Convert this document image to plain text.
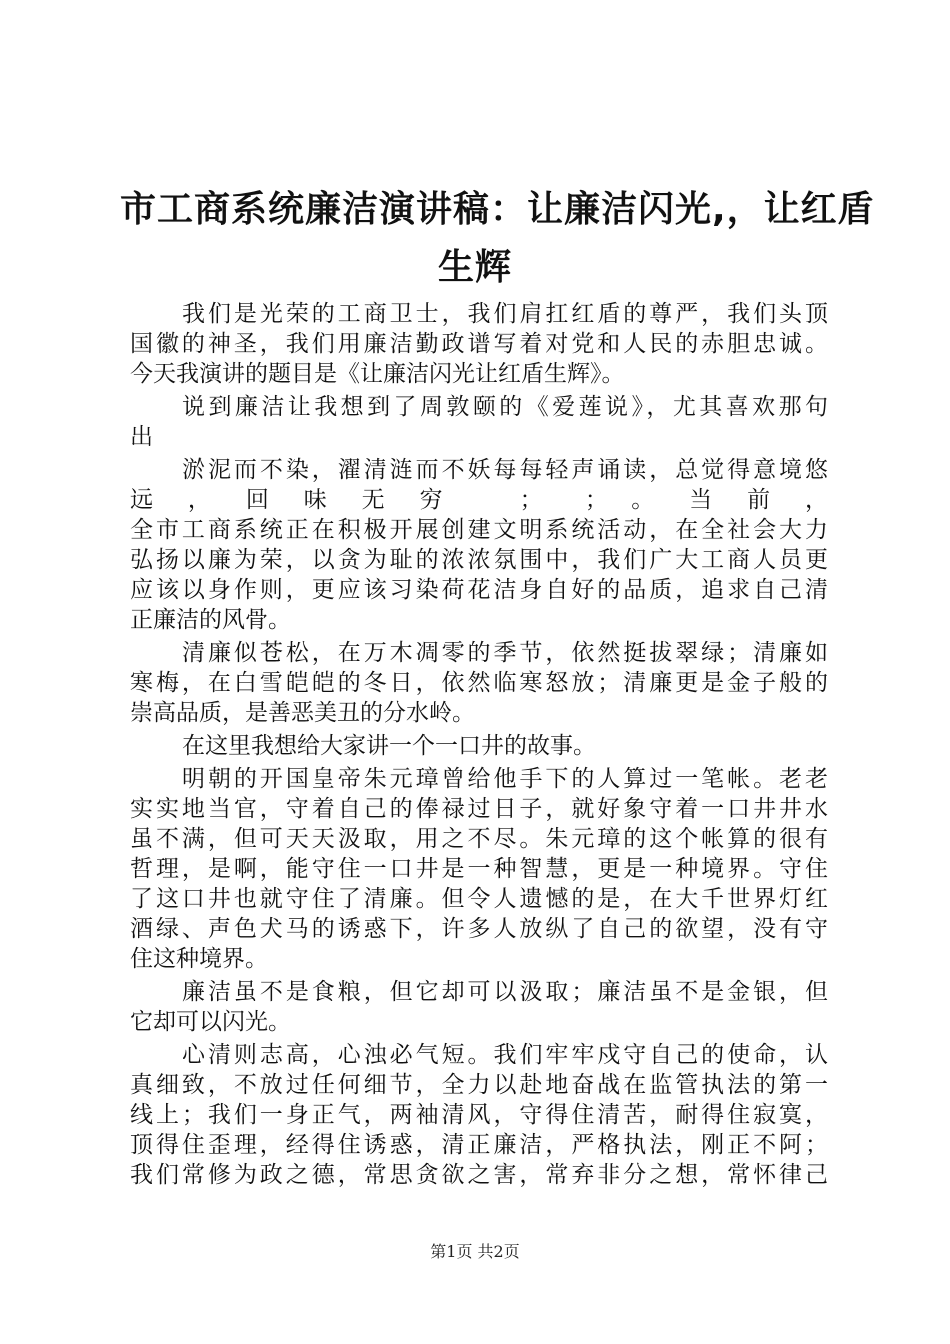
市工商系统廉洁演讲稿：让廉洁闪光,，让红盾
生辉
我们是光荣的工商卫士，我们肩扛红盾的尊严，我们头顶
国徽的神圣，我们用廉洁勤政谱写着对党和人民的赤胆忠诚。
今天我演讲的题目是《让廉洁闪光让红盾生辉》。
说到廉洁让我想到了周敦颐的《爱莲说》，尤其喜欢那句
出
淤泥而不染，濯清涟而不妖每每轻声诵读，总觉得意境悠
远，回味无穷 ； ；。当前，
全市工商系统正在积极开展创建文明系统活动，在全社会大力
弘扬以廉为荣，以贪为耻的浓浓氛围中，我们广大工商人员更
应该以身作则，更应该习染荷花洁身自好的品质，追求自己清
正廉洁的风骨。
清廉似苍松，在万木凋零的季节，依然挺拔翠绿；清廉如
寒梅，在白雪皑皑的冬日，依然临寒怒放；清廉更是金子般的
崇高品质，是善恶美丑的分水岭。
在这里我想给大家讲一个一口井的故事。
明朝的开国皇帝朱元璋曾给他手下的人算过一笔帐。老老
实实地当官，守着自己的俸禄过日子，就好象守着一口井井水
虽不满，但可天天汲取，用之不尽。朱元璋的这个帐算的很有
哲理，是啊，能守住一口井是一种智慧，更是一种境界。守住
了这口井也就守住了清廉。但令人遗憾的是，在大千世界灯红
酒绿、声色犬马的诱惑下，许多人放纵了自己的欲望，没有守
住这种境界。
廉洁虽不是食粮，但它却可以汲取；廉洁虽不是金银，但
它却可以闪光。
心清则志高，心浊必气短。我们牢牢戍守自己的使命，认
真细致，不放过任何细节，全力以赴地奋战在监管执法的第一
线上；我们一身正气，两袖清风，守得住清苦，耐得住寂寞，
顶得住歪理，经得住诱惑，清正廉洁，严格执法，刚正不阿；
我们常修为政之德，常思贪欲之害，常弃非分之想，常怀律己
第1页 共2页
